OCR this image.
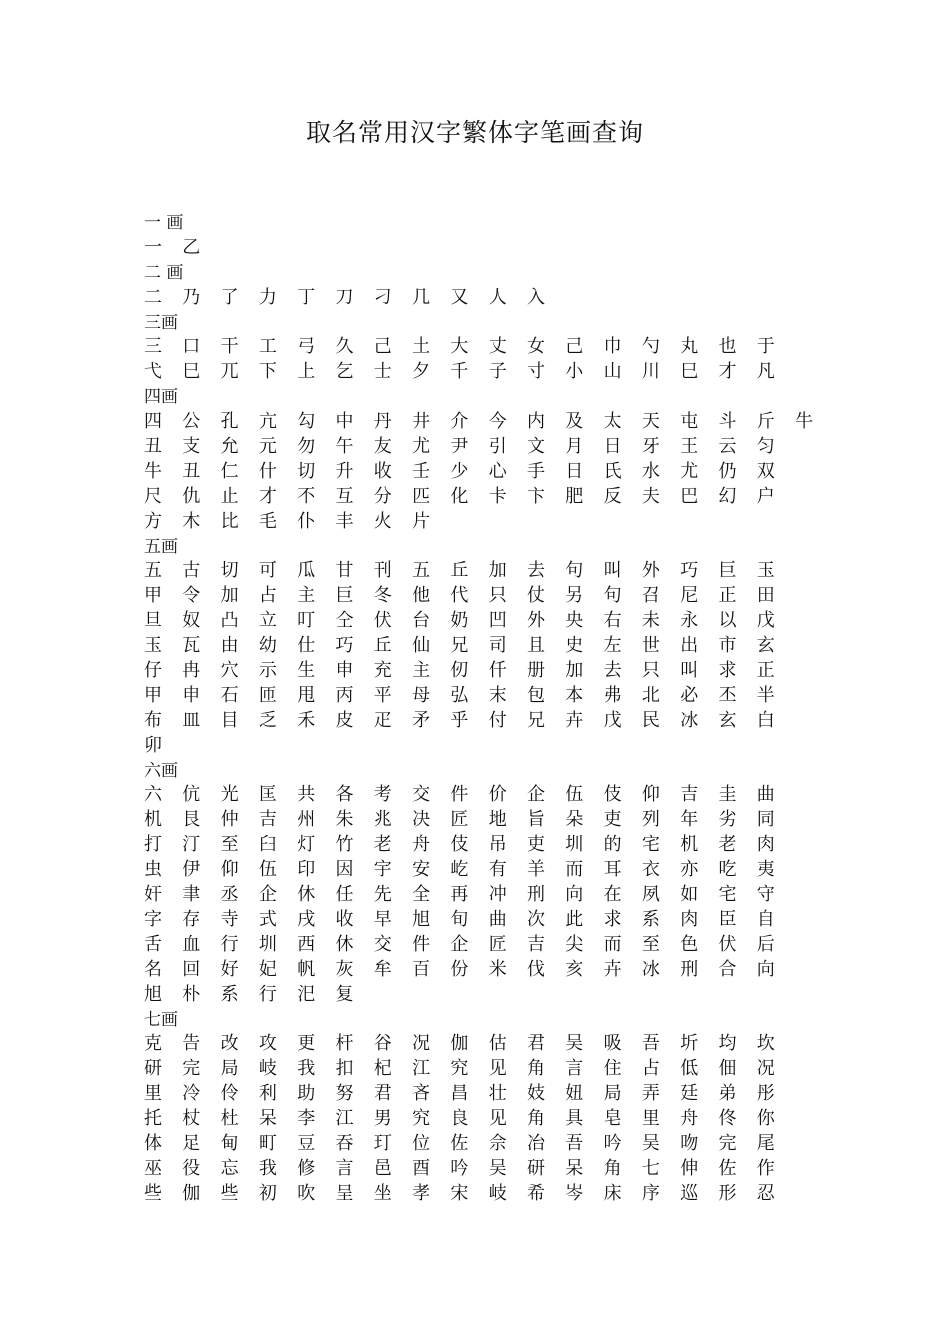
取名常用汉字繁体字笔画查询
一 画
一 乙
二 画
二 乃 了 力 丁 刀 刁 几 又 人 入
三画
三 口 干 工 弓 久 己 土 大 丈 女 己 巾 勺 丸 也 于
弋 巳 兀 下 上 乞 士 夕 千 子 寸 小 山 川 巳 才 凡
四画
四 公 孔 亢 勾 中 丹 井 介 今 内 及 太 天 屯 斗 斤 牛
丑 支 允 元 勿 午 友 尤 尹 引 文 月 日 牙 王 云 匀
牛 丑 仁 什 切 升 收 壬 少 心 手 日 氏 水 尤 仍 双
尺 仇 止 才 不 互 分 匹 化 卡 卞 肥 反 夫 巴 幻 户
方 木 比 毛 仆 丰 火 片
五画
五 古 切 可 瓜 甘 刊 五 丘 加 去 句 叫 外 巧 巨 玉
甲 令 加 占 主 巨 冬 他 代 只 仗 另 句 召 尼 正 田
旦 奴 凸 立 叮 仝 伏 台 奶 凹 外 央 右 未 永 以 戊
玉 瓦 由 幼 仕 巧 丘 仙 兄 司 且 史 左 世 出 市 玄
仔 冉 穴 示 生 申 充 主 仞 仟 册 加 去 只 叫 求 正
甲 申 石 匝 甩 丙 平 母 弘 末 包 本 弗 北 必 丕 半
布 皿 目 乏 禾 皮 疋 矛 乎 付 兄 卉 戊 民 冰 玄 白
卯
六画
六 伉 光 匡 共 各 考 交 件 价 企 伍 伎 仰 吉 圭 曲
机 艮 仲 吉 州 朱 兆 决 匠 地 旨 朵 吏 列 年 劣 同
打 汀 至 臼 灯 竹 老 舟 伎 吊 吏 圳 的 宅 机 老 肉
虫 伊 仰 伍 印 因 宇 安 屹 有 羊 而 耳 衣 亦 吃 夷
奸 聿 丞 企 休 任 先 全 再 冲 刑 向 在 夙 如 宅 守
字 存 寺 式 戌 收 早 旭 旬 曲 次 此 求 系 肉 臣 自
舌 血 行 圳 西 休 交 件 企 匠 吉 尖 而 至 色 伏 后
名 回 好 妃 帆 灰 牟 百 份 米 伐 亥 卉 冰 刑 合 向
旭 朴 系 行 汜 复
七画
克 告 改 攻 更 杆 谷 况 伽 估 君 吴 吸 吾 圻 均 坎
研 完 局 岐 我 扣 杞 江 究 见 角 言 住 占 低 佃 况
里 冷 伶 利 助 努 君 吝 昌 壮 妓 妞 局 弄 廷 弟 彤
托 杖 杜 呆 李 江 男 究 良 见 角 具 皂 里 舟 佟 你
体 足 甸 町 豆 吞 玎 位 佐 佘 冶 吾 吟 吴 吻 完 尾
巫 役 忘 我 修 言 邑 酉 吟 吴 研 呆 角 七 伸 佐 作
些 伽 些 初 吹 呈 坐 孝 宋 岐 希 岑 床 序 巡 形 忍
